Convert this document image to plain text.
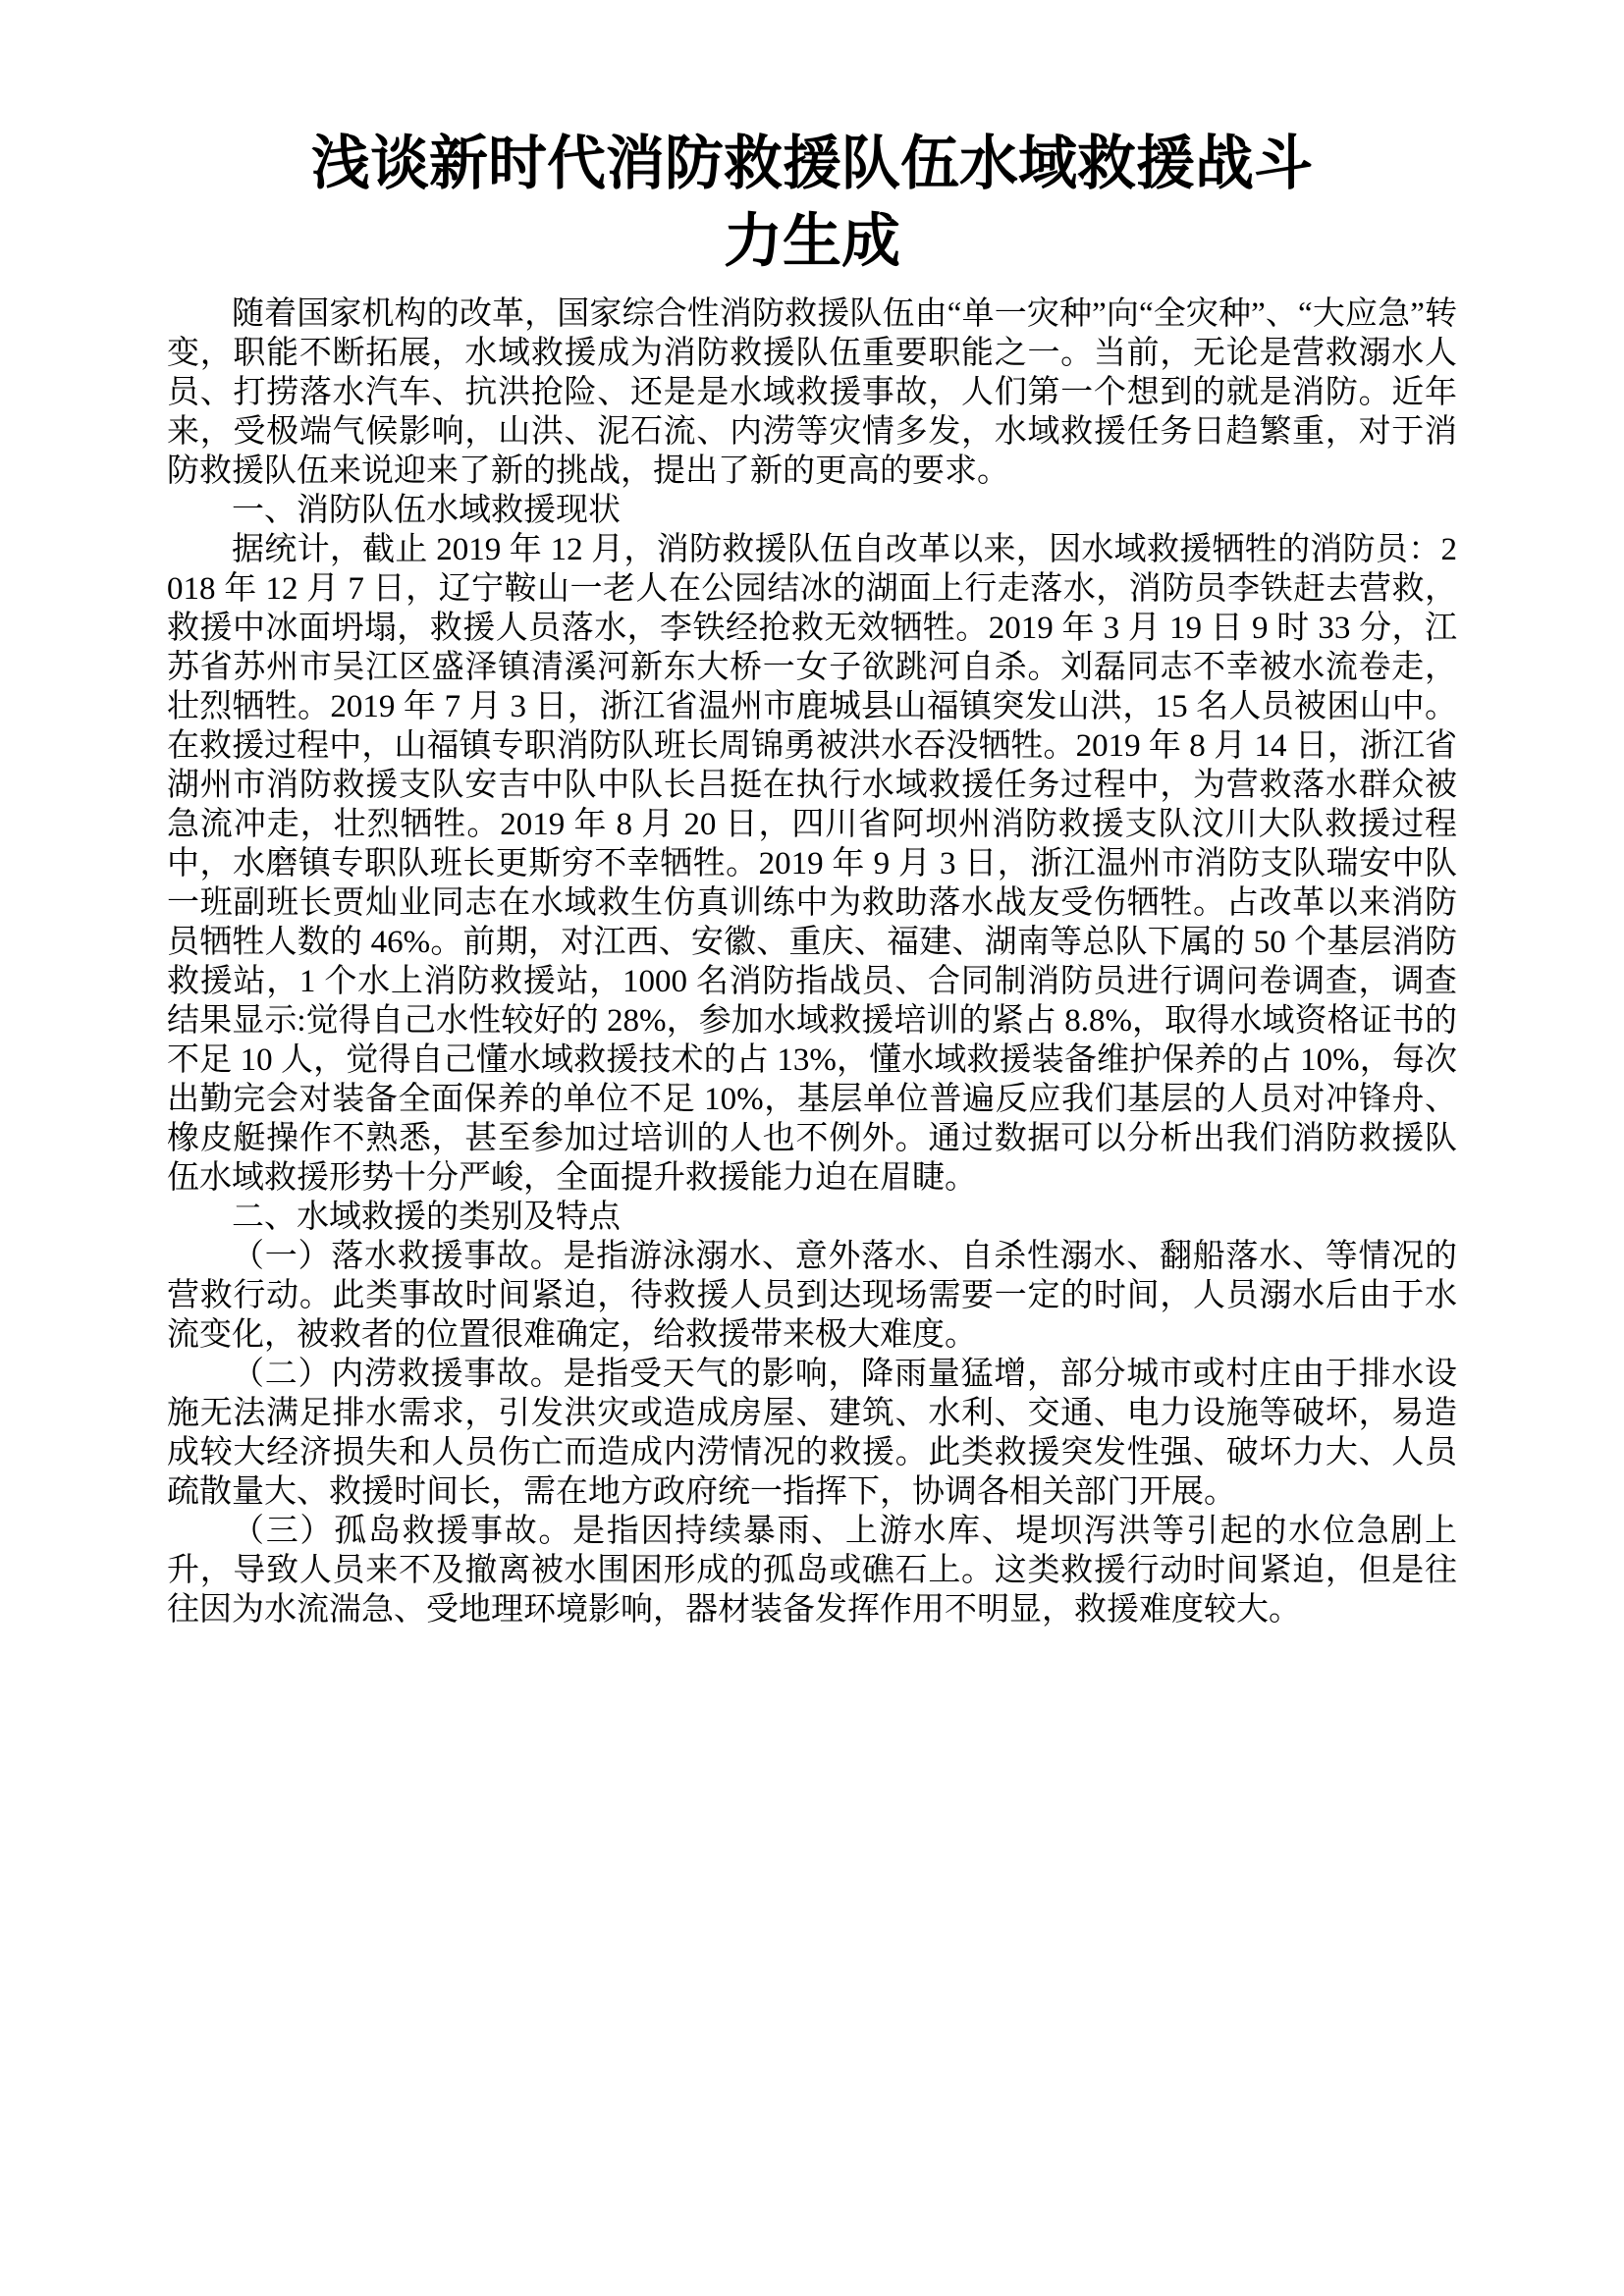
浅谈新时代消防救援队伍水域救援战斗力生成

随着国家机构的改革，国家综合性消防救援队伍由“单一灾种”向“全灾种”、“大应急”转变，职能不断拓展，水域救援成为消防救援队伍重要职能之一。当前，无论是营救溺水人员、打捞落水汽车、抗洪抢险、还是是水域救援事故，人们第一个想到的就是消防。近年来，受极端气候影响，山洪、泥石流、内涝等灾情多发，水域救援任务日趋繁重，对于消防救援队伍来说迎来了新的挑战，提出了新的更高的要求。

一、消防队伍水域救援现状

据统计，截止 2019 年 12 月，消防救援队伍自改革以来，因水域救援牺牲的消防员：2018 年 12 月 7 日，辽宁鞍山一老人在公园结冰的湖面上行走落水，消防员李铁赶去营救，救援中冰面坍塌，救援人员落水，李铁经抢救无效牺牲。2019 年 3 月 19 日 9 时 33 分，江苏省苏州市吴江区盛泽镇清溪河新东大桥一女子欲跳河自杀。刘磊同志不幸被水流卷走，壮烈牺牲。2019 年 7 月 3 日，浙江省温州市鹿城县山福镇突发山洪，15 名人员被困山中。在救援过程中，山福镇专职消防队班长周锦勇被洪水吞没牺牲。2019 年 8 月 14 日，浙江省湖州市消防救援支队安吉中队中队长吕挺在执行水域救援任务过程中，为营救落水群众被急流冲走，壮烈牺牲。2019 年 8 月 20 日，四川省阿坝州消防救援支队汶川大队救援过程中，水磨镇专职队班长更斯穷不幸牺牲。2019 年 9 月 3 日，浙江温州市消防支队瑞安中队一班副班长贾灿业同志在水域救生仿真训练中为救助落水战友受伤牺牲。占改革以来消防员牺牲人数的 46%。前期，对江西、安徽、重庆、福建、湖南等总队下属的 50 个基层消防救援站，1 个水上消防救援站，1000 名消防指战员、合同制消防员进行调问卷调查，调查结果显示:觉得自己水性较好的 28%，参加水域救援培训的紧占 8.8%，取得水域资格证书的不足 10 人，觉得自己懂水域救援技术的占 13%，懂水域救援装备维护保养的占 10%，每次出勤完会对装备全面保养的单位不足 10%，基层单位普遍反应我们基层的人员对冲锋舟、橡皮艇操作不熟悉，甚至参加过培训的人也不例外。通过数据可以分析出我们消防救援队伍水域救援形势十分严峻，全面提升救援能力迫在眉睫。

二、水域救援的类别及特点

（一）落水救援事故。是指游泳溺水、意外落水、自杀性溺水、翻船落水、等情况的营救行动。此类事故时间紧迫，待救援人员到达现场需要一定的时间，人员溺水后由于水流变化，被救者的位置很难确定，给救援带来极大难度。

（二）内涝救援事故。是指受天气的影响，降雨量猛增，部分城市或村庄由于排水设施无法满足排水需求，引发洪灾或造成房屋、建筑、水利、交通、电力设施等破坏，易造成较大经济损失和人员伤亡而造成内涝情况的救援。此类救援突发性强、破坏力大、人员疏散量大、救援时间长，需在地方政府统一指挥下，协调各相关部门开展。

（三）孤岛救援事故。是指因持续暴雨、上游水库、堤坝泻洪等引起的水位急剧上升，导致人员来不及撤离被水围困形成的孤岛或礁石上。这类救援行动时间紧迫，但是往往因为水流湍急、受地理环境影响，器材装备发挥作用不明显，救援难度较大。
